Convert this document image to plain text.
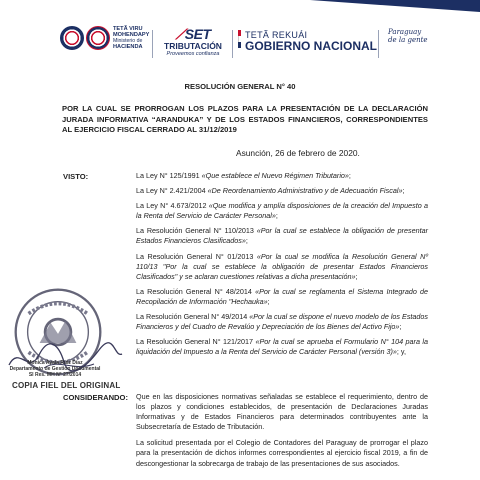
TETÃ VIRU
MOHENDAPY
Ministerio de
HACIENDA
⟋SET
TRIBUTACIÓN
Proveemos confianza
TETÃ REKUÁI
GOBIERNO NACIONAL
Paraguay
de la gente
RESOLUCIÓN GENERAL N° 40
POR LA CUAL SE PRORROGAN LOS PLAZOS PARA LA PRESENTACIÓN DE LA DECLARACIÓN JURADA INFORMATIVA “ARANDUKA” Y DE LOS ESTADOS FINANCIEROS, CORRESPONDIENTES AL EJERCICIO FISCAL CERRADO AL 31/12/2019
Asunción, 26 de febrero de 2020.
VISTO:	La Ley N° 125/1991 «Que establece el Nuevo Régimen Tributario»;

La Ley N° 2.421/2004 «De Reordenamiento Administrativo y de Adecuación Fiscal»;

La Ley N° 4.673/2012 «Que modifica y amplía disposiciones de la creación del Impuesto a la Renta del Servicio de Carácter Personal»;

La Resolución General N° 110/2013 «Por la cual se establece la obligación de presentar Estados Financieros Clasificados»;

La Resolución General N° 01/2013 «Por la cual se modifica la Resolución General Nº 110/13 "Por la cual se establece la obligación de presentar Estados Financieros Clasificados" y se aclaran cuestiones relativas a dicha presentación»;

La Resolución General N° 48/2014 «Por la cual se reglamenta el Sistema Integrado de Recopilación de Información "Hechauka»;

La Resolución General N° 49/2014 «Por la cual se dispone el nuevo modelo de los Estados Financieros y del Cuadro de Revalúo y Depreciación de los Bienes del Activo Fijo»;

La Resolución General N° 121/2017 «Por la cual se aprueba el Formulario N° 104 para la liquidación del Impuesto a la Renta del Servicio de Carácter Personal (versión 3)»; y,

Mónica Ayala Ruiz Díaz
Departamento de Gestión Documental
SI Res. MH N° 27/2014
COPIA FIEL DEL ORIGINAL
CONSIDERANDO: Que en las disposiciones normativas señaladas se establece el requerimiento, dentro de los plazos y condiciones establecidos, de presentación de Declaraciones Juradas Informativas y de Estados Financieros para determinados contribuyentes ante la Subsecretaría de Estado de Tributación.

La solicitud presentada por el Colegio de Contadores del Paraguay de prorrogar el plazo para la presentación de dichos informes correspondientes al ejercicio fiscal 2019, a fin de descongestionar la sobrecarga de trabajo de las presentaciones de sus asociados.
